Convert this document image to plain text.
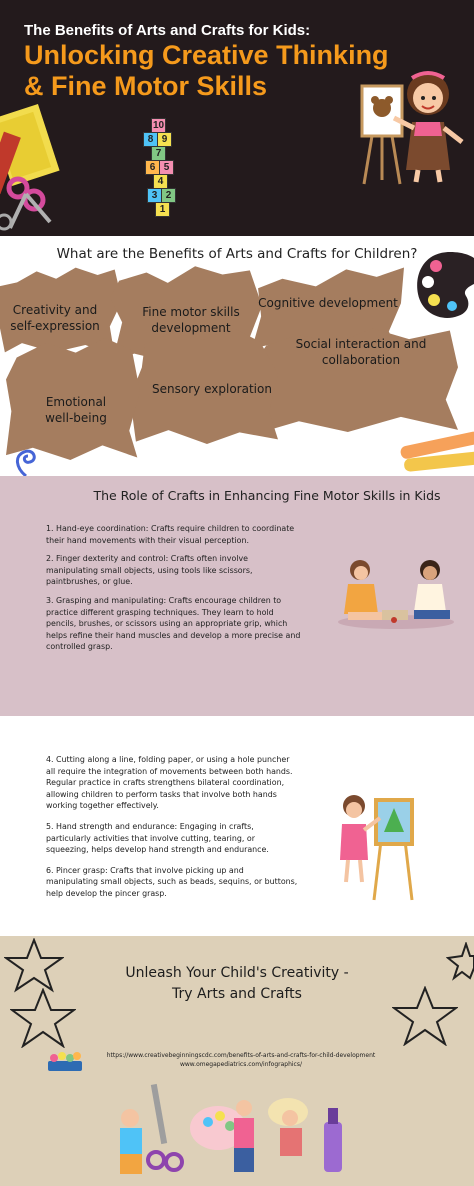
The Benefits of Arts and Crafts for Kids:
Unlocking Creative Thinking
& Fine Motor Skills
10
8 9
7
6 5
4
3 2
1
What are the Benefits of Arts and Crafts for Children?
Creativity and
self-expression
Fine motor skills
development
Cognitive development
Social interaction and
collaboration
Sensory exploration
Emotional
well-being
The Role of Crafts in Enhancing Fine Motor Skills in Kids

1. Hand-eye coordination: Crafts require children to coordinate their hand movements with their visual perception.

2. Finger dexterity and control: Crafts often involve manipulating small objects, using tools like scissors, paintbrushes, or glue.

3. Grasping and manipulating: Crafts encourage children to practice different grasping techniques. They learn to hold pencils, brushes, or scissors using an appropriate grip, which helps refine their hand muscles and develop a more precise and controlled grasp.

4. Cutting along a line, folding paper, or using a hole puncher all require the integration of movements between both hands. Regular practice in crafts strengthens bilateral coordination, allowing children to perform tasks that involve both hands working together effectively.

5. Hand strength and endurance: Engaging in crafts, particularly activities that involve cutting, tearing, or squeezing, helps develop hand strength and endurance.

6. Pincer grasp: Crafts that involve picking up and manipulating small objects, such as beads, sequins, or buttons, help develop the pincer grasp.

Unleash Your Child's Creativity -
Try Arts and Crafts
https://www.creativebeginningscdc.com/benefits-of-arts-and-crafts-for-child-development
www.omegapediatrics.com/infographics/
